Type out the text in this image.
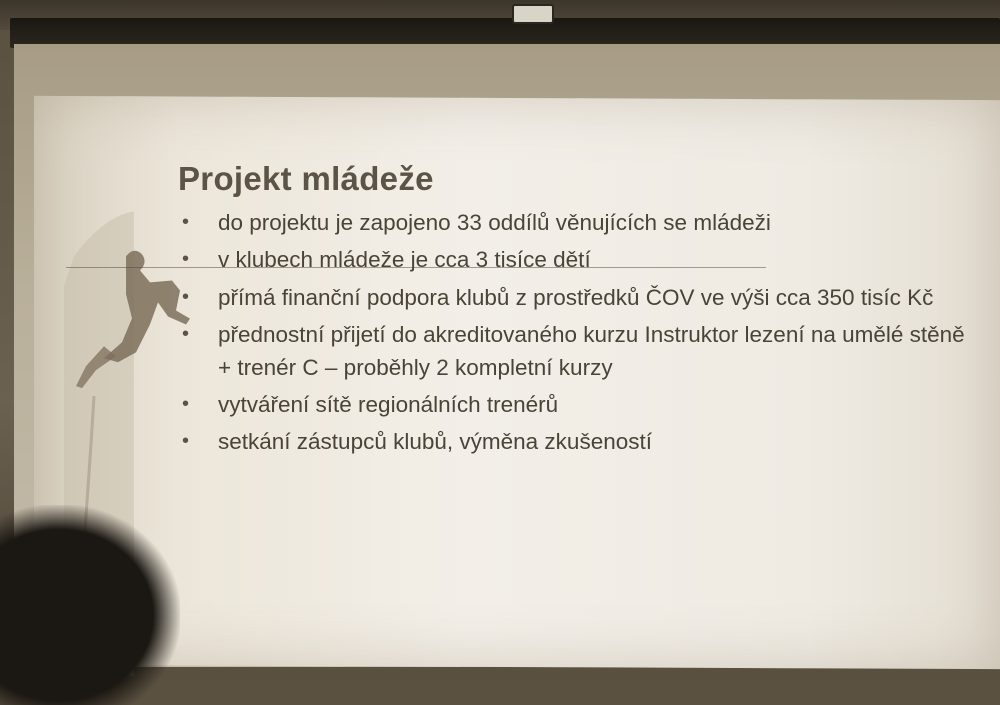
Projekt mládeže
• do projektu je zapojeno 33 oddílů věnujících se mládeži
• v klubech mládeže je cca 3 tisíce dětí
• přímá finanční podpora klubů z prostředků ČOV ve výši cca 350 tisíc Kč
• přednostní přijetí do akreditovaného kurzu Instruktor lezení na umělé stěně + trenér C – proběhly 2 kompletní kurzy
• vytváření sítě regionálních trenérů
• setkání zástupců klubů, výměna zkušeností
